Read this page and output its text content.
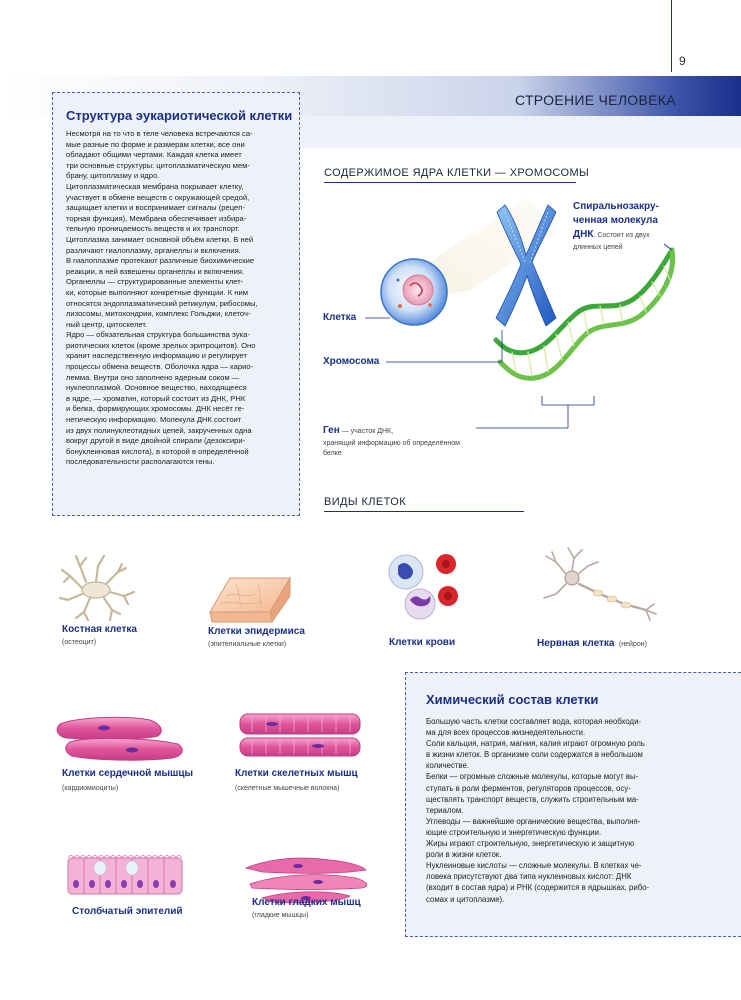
9
СТРОЕНИЕ ЧЕЛОВЕКА
Структура эукариотической клетки

Несмотря на то что в теле человека встречаются са-

мые разные по форме и размерам клетки, все они

обладают общими чертами. Каждая клетка имеет

три основные структуры: цитоплазматическую мем-

брану, цитоплазму и ядро.

Цитоплазматическая мембрана покрывает клетку,

участвует в обмене веществ с окружающей средой,

защищает клетки и воспринимает сигналы (рецеп-

торная функция). Мембрана обеспечивает избира-

тельную проницаемость веществ и их транспорт.

Цитоплазма занимает основной объём клетки. В ней

различают гиалоплазму, органеллы и включения.

В гиалоплазме протекают различные биохимические

реакции, в ней взвешены органеллы и включения.

Органеллы — структурированные элементы клет-

ки, которые выполняют конкретные функции. К ним

относятся эндоплазматический ретикулум, рибосомы,

лизосомы, митохондрии, комплекс Гольджи, клеточ-

ный центр, цитоскелет.

Ядро — обязательная структура большинства эука-

риотических клеток (кроме зрелых эритроцитов). Оно

хранит наследственную информацию и регулирует

процессы обмена веществ. Оболочка ядра — карио-

лемма. Внутри оно заполнено ядерным соком —

нуклеоплазмой. Основное вещество, находящееся

в ядре, — хроматин, который состоит из ДНК, РНК

и белка, формирующих хромосомы. ДНК несёт ге-

нетическую информацию. Молекула ДНК состоит

из двух полинуклеотидных цепей, закрученных одна

вокруг другой в виде двойной спирали (дезоксири-

бонуклеиновая кислота), в которой в определённой

последовательности располагаются гены.

СОДЕРЖИМОЕ ЯДРА КЛЕТКИ — ХРОМОСОМЫ
Спиральнозакру-
ченная молекула
ДНК. Состоит из двух
длинных цепей
Клетка
Хромосома
Ген — участок ДНК,
хранящий информацию об определённом
белке
ВИДЫ КЛЕТОК
Костная клетка
(остеоцит)
Клетки эпидермиса
(эпителиальные клетки)	Клетки крови	Нервная клетка (нейрон)
Клетки сердечной мышцы
(кардиомиоциты)
Клетки скелетных мышц
(скелетные мышечные волокна)
Столбчатый эпителий
Клетки гладких мышц
(гладкие мышцы)
Химический состав клетки

Большую часть клетки составляет вода, которая необходи-

ма для всех процессов жизнедеятельности.

Соли кальция, натрия, магния, калия играют огромную роль

в жизни клеток. В организме соли содержатся в небольшом

количестве.

Белки — огромные сложные молекулы, которые могут вы-

ступать в роли ферментов, регуляторов процессов, осу-

ществлять транспорт веществ, служить строительным ма-

териалом.

Углеводы — важнейшие органические вещества, выполня-

ющие строительную и энергетическую функции.

Жиры играют строительную, энергетическую и защитную

роли в жизни клеток.

Нуклеиновые кислоты — сложные молекулы. В клетках че-

ловека присутствуют два типа нуклеиновых кислот: ДНК

(входит в состав ядра) и РНК (содержится в ядрышках, рибо-

сомах и цитоплазме).
